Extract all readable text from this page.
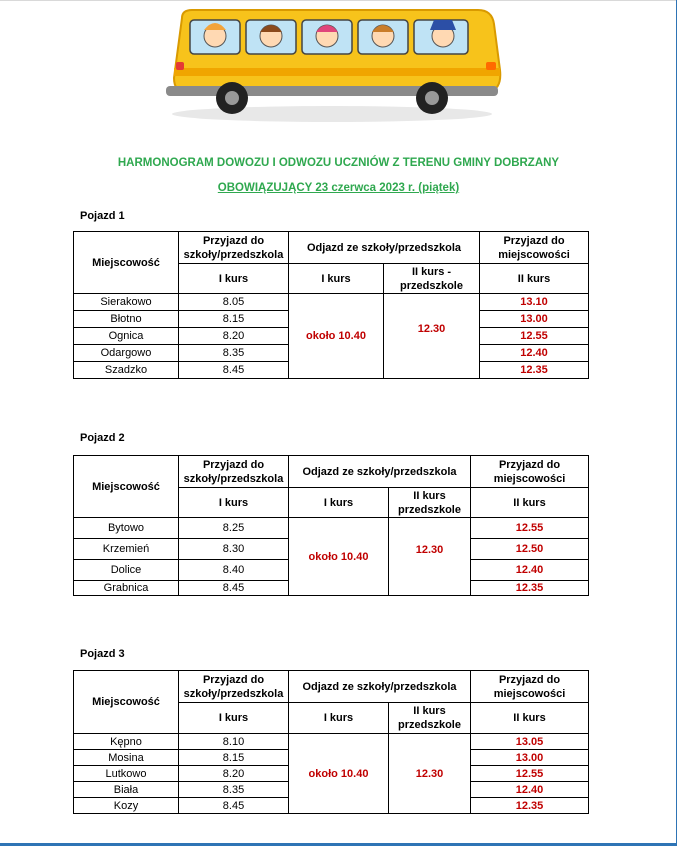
HARMONOGRAM DOWOZU I ODWOZU UCZNIÓW Z TERENU GMINY DOBRZANY
OBOWIĄZUJĄCY 23 czerwca 2023 r. (piątek)
Pojazd 1
Miejscowość	Przyjazd do szkoły/przedszkola	Odjazd ze szkoły/przedszkola		Przyjazd do miejscowości
	I kurs	I kurs	II kurs - przedszkole	II kurs
Sierakowo	8.05	około 10.40	12.30	13.10
Błotno	8.15			13.00
Ognica	8.20			12.55
Odargowo	8.35			12.40
Szadzko	8.45			12.35
Pojazd 2
Miejscowość	Przyjazd do szkoły/przedszkola	Odjazd ze szkoły/przedszkola		Przyjazd do miejscowości
	I kurs	I kurs	II kurs przedszkole	II kurs
Bytowo	8.25	około 10.40	12.30	12.55
Krzemień	8.30			12.50
Dolice	8.40			12.40
Grabnica	8.45			12.35
Pojazd 3
Miejscowość	Przyjazd do szkoły/przedszkola	Odjazd ze szkoły/przedszkola		Przyjazd do miejscowości
	I kurs	I kurs	II kurs przedszkole	II kurs
Kępno	8.10	około 10.40	12.30	13.05
Mosina	8.15			13.00
Lutkowo	8.20			12.55
Biała	8.35			12.40
Kozy	8.45			12.35
